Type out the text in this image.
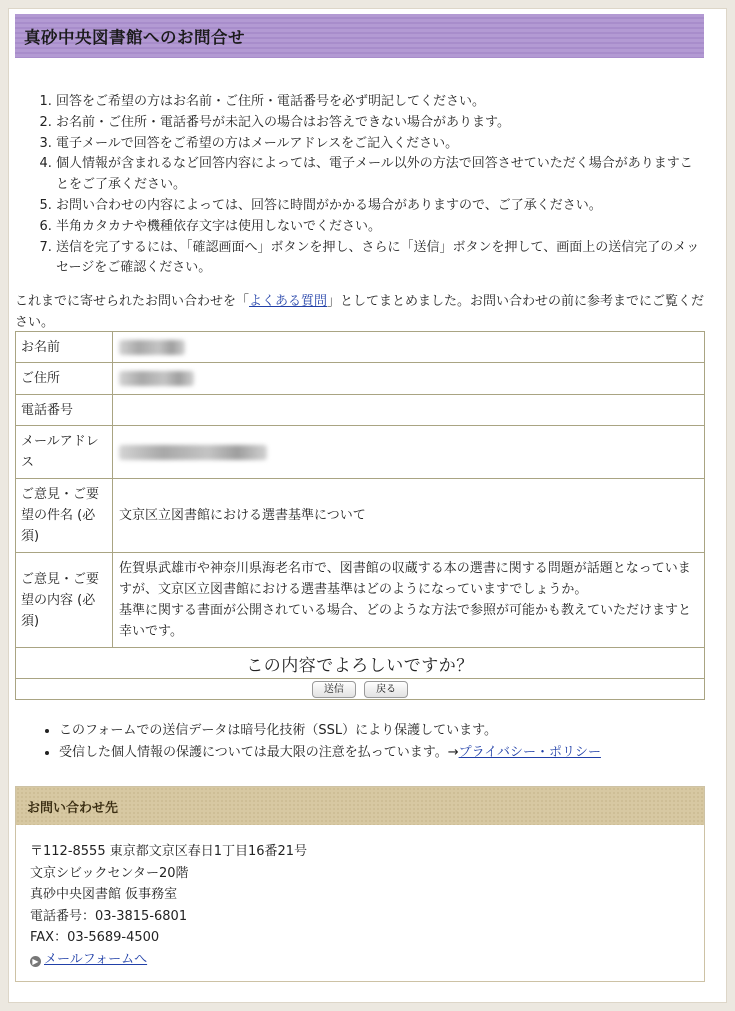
真砂中央図書館へのお問合せ
1. 回答をご希望の方はお名前・ご住所・電話番号を必ず明記してください。
2. お名前・ご住所・電話番号が未記入の場合はお答えできない場合があります。
3. 電子メールで回答をご希望の方はメールアドレスをご記入ください。
4. 個人情報が含まれるなど回答内容によっては、電子メール以外の方法で回答させていただく場合がありますことをご了承ください。
5. お問い合わせの内容によっては、回答に時間がかかる場合がありますので、ご了承ください。
6. 半角カタカナや機種依存文字は使用しないでください。
7. 送信を完了するには、「確認画面へ」ボタンを押し、さらに「送信」ボタンを押して、画面上の送信完了のメッセージをご確認ください。
これまでに寄せられたお問い合わせを「よくある質問」としてまとめました。お問い合わせの前に参考までにご覧ください。
お名前	
ご住所	
電話番号	
メールアドレス	
ご意見・ご要望の件名 (必須)	文京区立図書館における選書基準について
ご意見・ご要望の内容 (必須)	佐賀県武雄市や神奈川県海老名市で、図書館の収蔵する本の選書に関する問題が話題となっていますが、文京区立図書館における選書基準はどのようになっていますでしょうか。
基準に関する書面が公開されている場合、どのような方法で参照が可能かも教えていただけますと幸いです。

この内容でよろしいですか？	
送信 戻る	
• このフォームでの送信データは暗号化技術（SSL）により保護しています。
• 受信した個人情報の保護については最大限の注意を払っています。→プライバシー・ポリシー
お問い合わせ先
〒112-8555 東京都文京区春日1丁目16番21号
文京シビックセンター20階
真砂中央図書館 仮事務室
電話番号：03-3815-6801
FAX：03-5689-4500
▶ メールフォームへ
